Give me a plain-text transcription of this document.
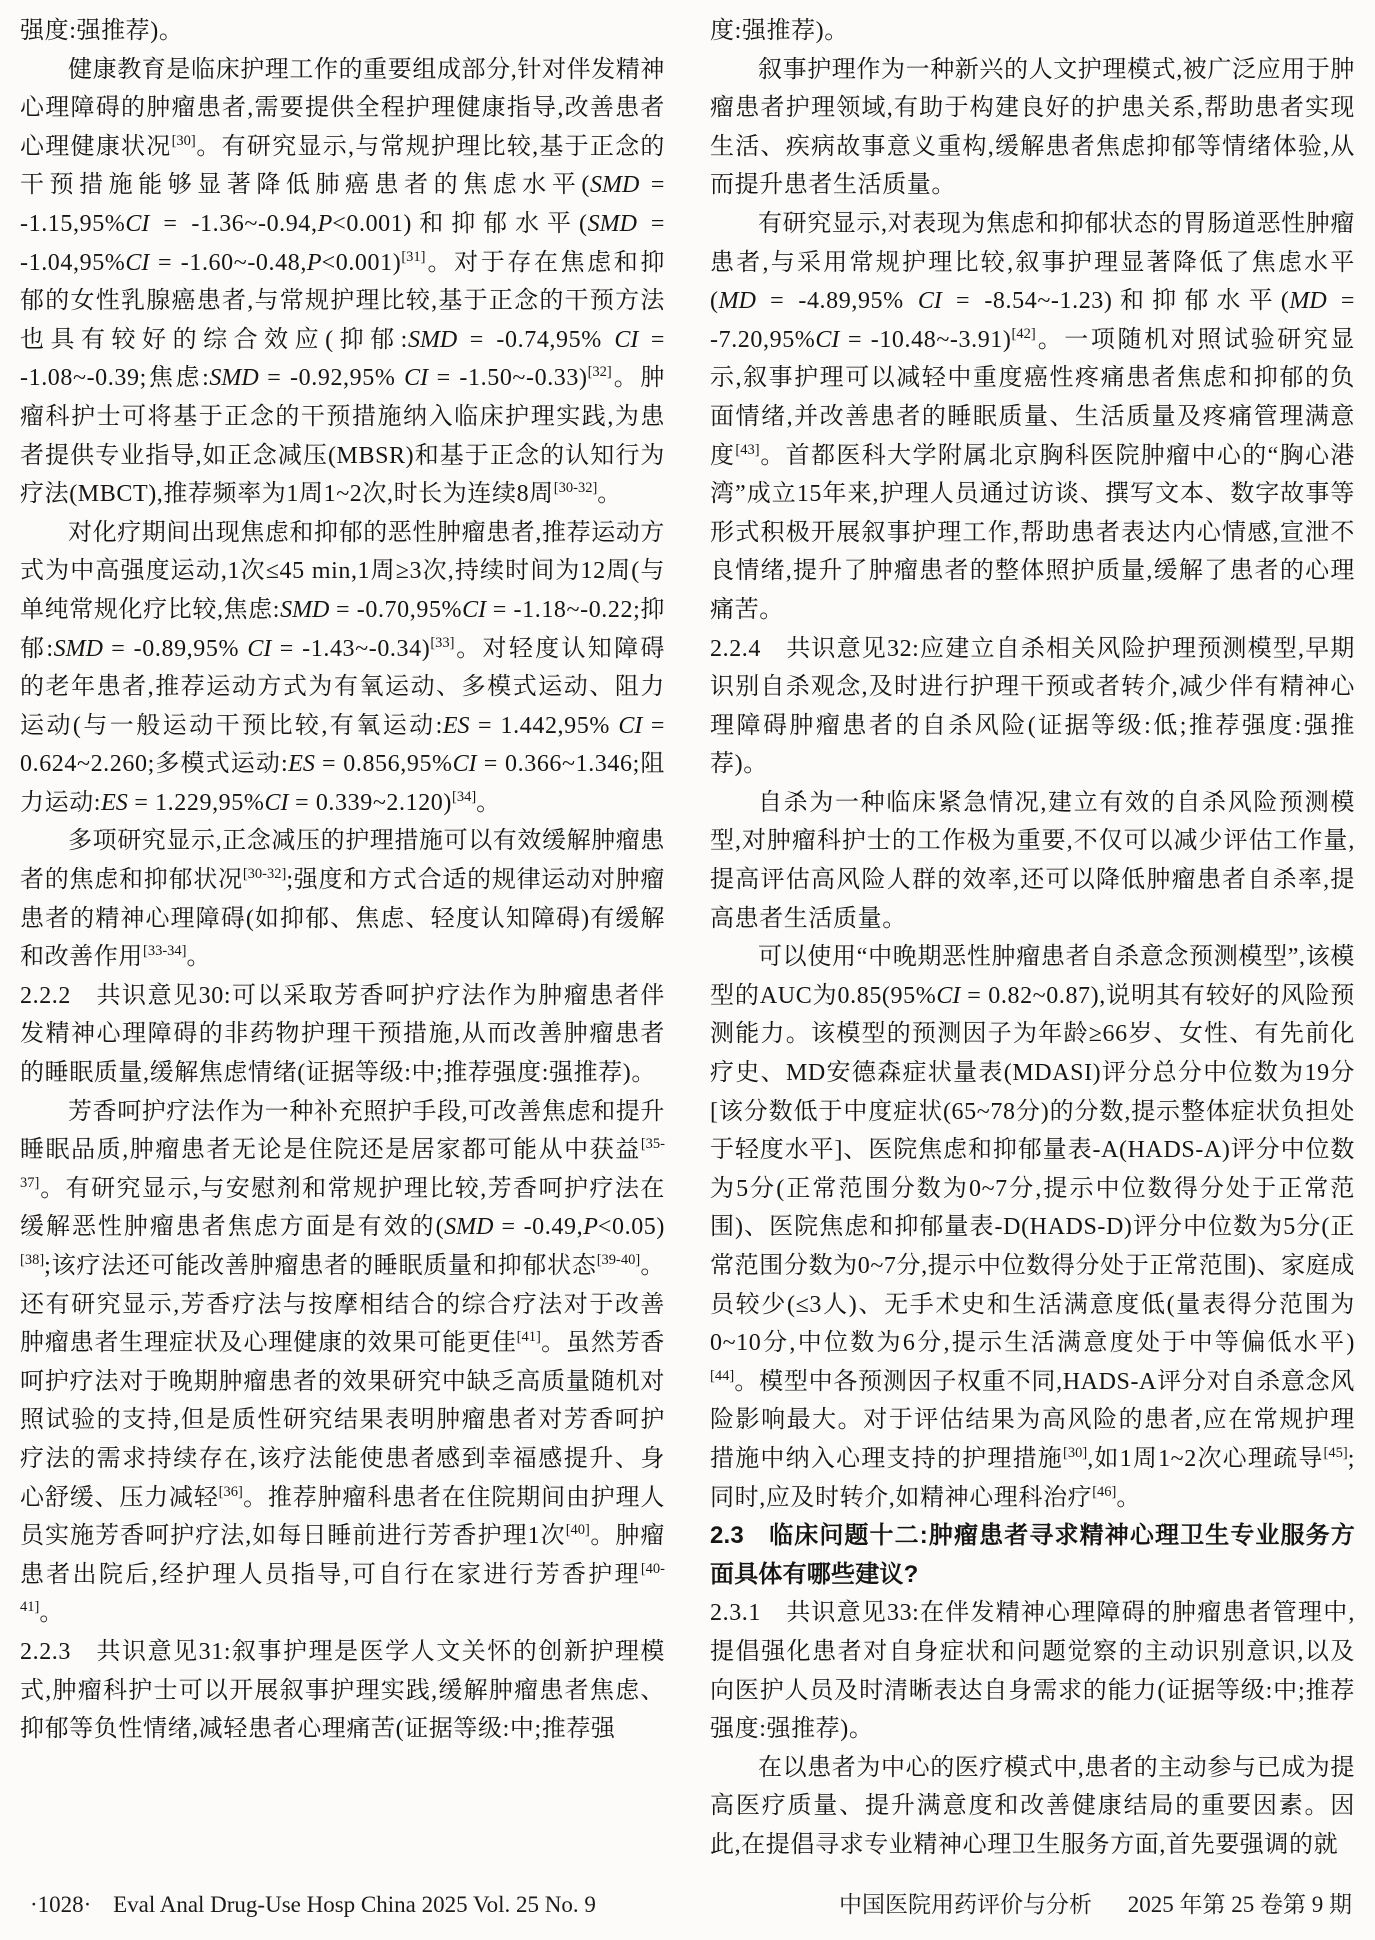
强度:强推荐)。

健康教育是临床护理工作的重要组成部分,针对伴发精神心理障碍的肿瘤患者,需要提供全程护理健康指导,改善患者心理健康状况[30]。有研究显示,与常规护理比较,基于正念的干预措施能够显著降低肺癌患者的焦虑水平(SMD = -1.15,95%CI = -1.36~-0.94,P<0.001)和抑郁水平(SMD = -1.04,95%CI = -1.60~-0.48,P<0.001)[31]。对于存在焦虑和抑郁的女性乳腺癌患者,与常规护理比较,基于正念的干预方法也具有较好的综合效应(抑郁:SMD = -0.74,95% CI = -1.08~-0.39;焦虑:SMD = -0.92,95% CI = -1.50~-0.33)[32]。肿瘤科护士可将基于正念的干预措施纳入临床护理实践,为患者提供专业指导,如正念减压(MBSR)和基于正念的认知行为疗法(MBCT),推荐频率为1周1~2次,时长为连续8周[30-32]。

对化疗期间出现焦虑和抑郁的恶性肿瘤患者,推荐运动方式为中高强度运动,1次≤45 min,1周≥3次,持续时间为12周(与单纯常规化疗比较,焦虑:SMD = -0.70,95%CI = -1.18~-0.22;抑郁:SMD = -0.89,95% CI = -1.43~-0.34)[33]。对轻度认知障碍的老年患者,推荐运动方式为有氧运动、多模式运动、阻力运动(与一般运动干预比较,有氧运动:ES = 1.442,95% CI = 0.624~2.260;多模式运动:ES = 0.856,95%CI = 0.366~1.346;阻力运动:ES = 1.229,95%CI = 0.339~2.120)[34]。

多项研究显示,正念减压的护理措施可以有效缓解肿瘤患者的焦虑和抑郁状况[30-32];强度和方式合适的规律运动对肿瘤患者的精神心理障碍(如抑郁、焦虑、轻度认知障碍)有缓解和改善作用[33-34]。

2.2.2 共识意见30:可以采取芳香呵护疗法作为肿瘤患者伴发精神心理障碍的非药物护理干预措施,从而改善肿瘤患者的睡眠质量,缓解焦虑情绪(证据等级:中;推荐强度:强推荐)。

芳香呵护疗法作为一种补充照护手段,可改善焦虑和提升睡眠品质,肿瘤患者无论是住院还是居家都可能从中获益[35-37]。有研究显示,与安慰剂和常规护理比较,芳香呵护疗法在缓解恶性肿瘤患者焦虑方面是有效的(SMD = -0.49,P<0.05)[38];该疗法还可能改善肿瘤患者的睡眠质量和抑郁状态[39-40]。还有研究显示,芳香疗法与按摩相结合的综合疗法对于改善肿瘤患者生理症状及心理健康的效果可能更佳[41]。虽然芳香呵护疗法对于晚期肿瘤患者的效果研究中缺乏高质量随机对照试验的支持,但是质性研究结果表明肿瘤患者对芳香呵护疗法的需求持续存在,该疗法能使患者感到幸福感提升、身心舒缓、压力减轻[36]。推荐肿瘤科患者在住院期间由护理人员实施芳香呵护疗法,如每日睡前进行芳香护理1次[40]。肿瘤患者出院后,经护理人员指导,可自行在家进行芳香护理[40-41]。

2.2.3 共识意见31:叙事护理是医学人文关怀的创新护理模式,肿瘤科护士可以开展叙事护理实践,缓解肿瘤患者焦虑、抑郁等负性情绪,减轻患者心理痛苦(证据等级:中;推荐强

度:强推荐)。

叙事护理作为一种新兴的人文护理模式,被广泛应用于肿瘤患者护理领域,有助于构建良好的护患关系,帮助患者实现生活、疾病故事意义重构,缓解患者焦虑抑郁等情绪体验,从而提升患者生活质量。

有研究显示,对表现为焦虑和抑郁状态的胃肠道恶性肿瘤患者,与采用常规护理比较,叙事护理显著降低了焦虑水平(MD = -4.89,95% CI = -8.54~-1.23)和抑郁水平(MD = -7.20,95%CI = -10.48~-3.91)[42]。一项随机对照试验研究显示,叙事护理可以减轻中重度癌性疼痛患者焦虑和抑郁的负面情绪,并改善患者的睡眠质量、生活质量及疼痛管理满意度[43]。首都医科大学附属北京胸科医院肿瘤中心的“胸心港湾”成立15年来,护理人员通过访谈、撰写文本、数字故事等形式积极开展叙事护理工作,帮助患者表达内心情感,宣泄不良情绪,提升了肿瘤患者的整体照护质量,缓解了患者的心理痛苦。

2.2.4 共识意见32:应建立自杀相关风险护理预测模型,早期识别自杀观念,及时进行护理干预或者转介,减少伴有精神心理障碍肿瘤患者的自杀风险(证据等级:低;推荐强度:强推荐)。

自杀为一种临床紧急情况,建立有效的自杀风险预测模型,对肿瘤科护士的工作极为重要,不仅可以减少评估工作量,提高评估高风险人群的效率,还可以降低肿瘤患者自杀率,提高患者生活质量。

可以使用“中晚期恶性肿瘤患者自杀意念预测模型”,该模型的AUC为0.85(95%CI = 0.82~0.87),说明其有较好的风险预测能力。该模型的预测因子为年龄≥66岁、女性、有先前化疗史、MD安德森症状量表(MDASI)评分总分中位数为19分[该分数低于中度症状(65~78分)的分数,提示整体症状负担处于轻度水平]、医院焦虑和抑郁量表-A(HADS-A)评分中位数为5分(正常范围分数为0~7分,提示中位数得分处于正常范围)、医院焦虑和抑郁量表-D(HADS-D)评分中位数为5分(正常范围分数为0~7分,提示中位数得分处于正常范围)、家庭成员较少(≤3人)、无手术史和生活满意度低(量表得分范围为0~10分,中位数为6分,提示生活满意度处于中等偏低水平)[44]。模型中各预测因子权重不同,HADS-A评分对自杀意念风险影响最大。对于评估结果为高风险的患者,应在常规护理措施中纳入心理支持的护理措施[30],如1周1~2次心理疏导[45];同时,应及时转介,如精神心理科治疗[46]。

2.3 临床问题十二:肿瘤患者寻求精神心理卫生专业服务方面具体有哪些建议?

2.3.1 共识意见33:在伴发精神心理障碍的肿瘤患者管理中,提倡强化患者对自身症状和问题觉察的主动识别意识,以及向医护人员及时清晰表达自身需求的能力(证据等级:中;推荐强度:强推荐)。

在以患者为中心的医疗模式中,患者的主动参与已成为提高医疗质量、提升满意度和改善健康结局的重要因素。因此,在提倡寻求专业精神心理卫生服务方面,首先要强调的就

·1028· Eval Anal Drug-Use Hosp China 2025 Vol. 25 No. 9	中国医院用药评价与分析 2025 年第 25 卷第 9 期
